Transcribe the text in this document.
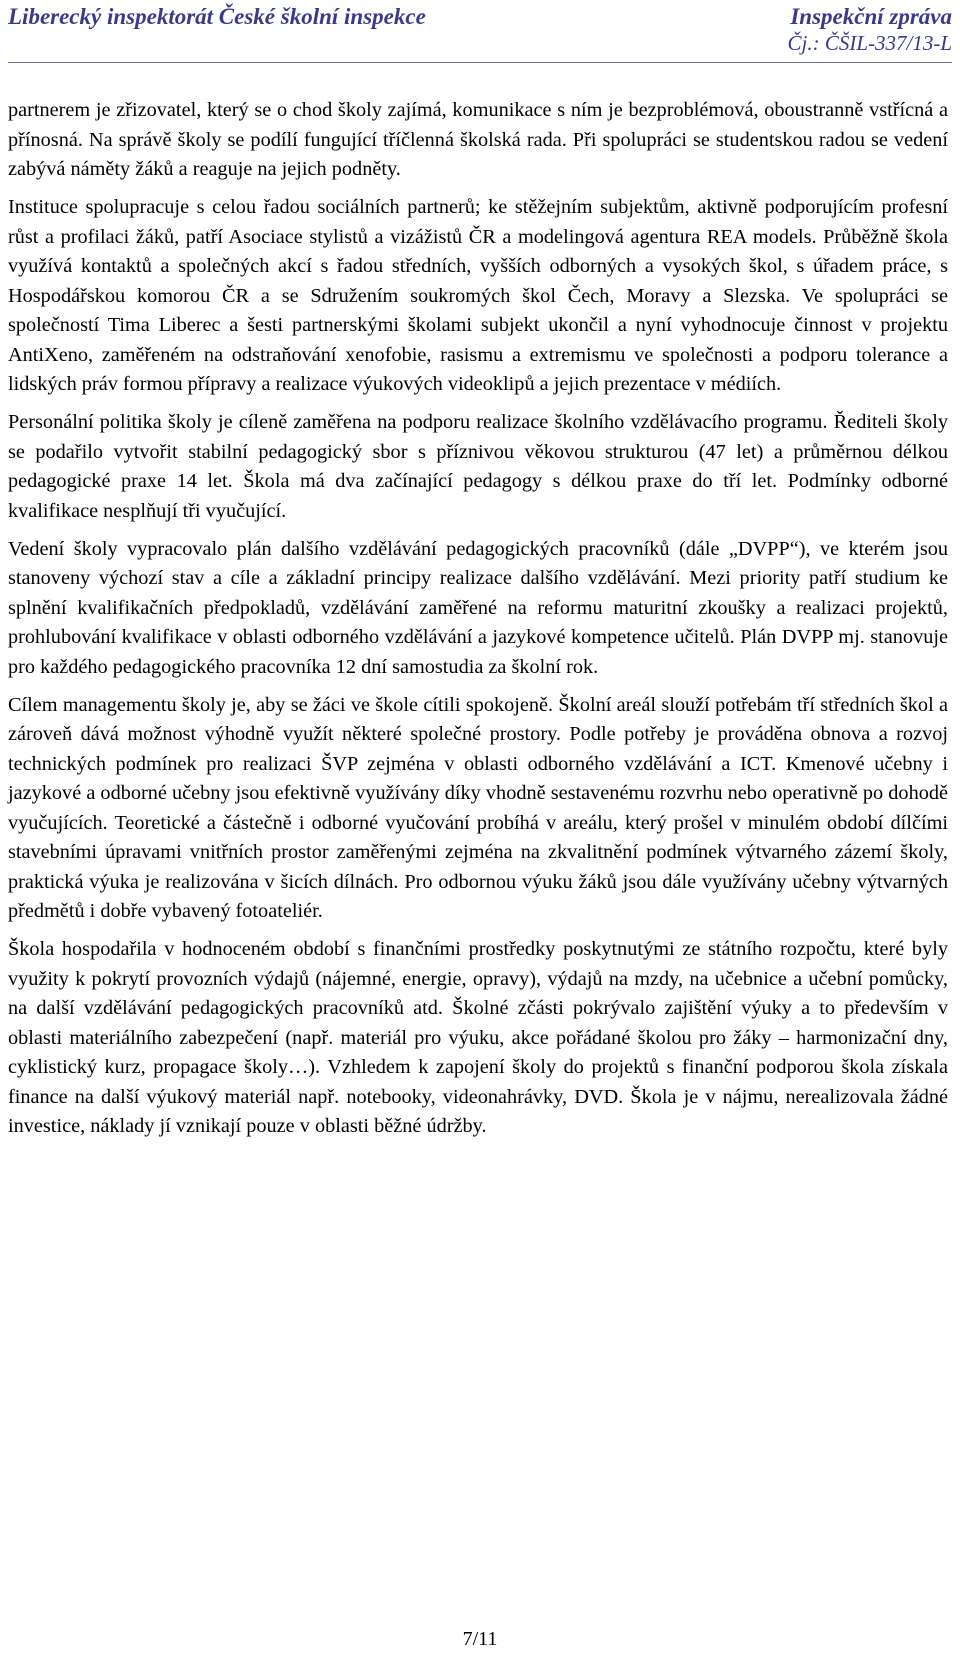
Liberecký inspektorát České školní inspekce	Inspekční zpráva
Čj.: ČŠIL-337/13-L

partnerem je zřizovatel, který se o chod školy zajímá, komunikace s ním je bezproblémová, oboustranně vstřícná a přínosná. Na správě školy se podílí fungující tříčlenná školská rada. Při spolupráci se studentskou radou se vedení zabývá náměty žáků a reaguje na jejich podněty.

Instituce spolupracuje s celou řadou sociálních partnerů; ke stěžejním subjektům, aktivně podporujícím profesní růst a profilaci žáků, patří Asociace stylistů a vizážistů ČR a modelingová agentura REA models. Průběžně škola využívá kontaktů a společných akcí s řadou středních, vyšších odborných a vysokých škol, s úřadem práce, s Hospodářskou komorou ČR a se Sdružením soukromých škol Čech, Moravy a Slezska. Ve spolupráci se společností Tima Liberec a šesti partnerskými školami subjekt ukončil a nyní vyhodnocuje činnost v projektu AntiXeno, zaměřeném na odstraňování xenofobie, rasismu a extremismu ve společnosti a podporu tolerance a lidských práv formou přípravy a realizace výukových videoklipů a jejich prezentace v médiích.

Personální politika školy je cíleně zaměřena na podporu realizace školního vzdělávacího programu. Řediteli školy se podařilo vytvořit stabilní pedagogický sbor s příznivou věkovou strukturou (47 let) a průměrnou délkou pedagogické praxe 14 let. Škola má dva začínající pedagogy s délkou praxe do tří let. Podmínky odborné kvalifikace nesplňují tři vyučující.

Vedení školy vypracovalo plán dalšího vzdělávání pedagogických pracovníků (dále „DVPP“), ve kterém jsou stanoveny výchozí stav a cíle a základní principy realizace dalšího vzdělávání. Mezi priority patří studium ke splnění kvalifikačních předpokladů, vzdělávání zaměřené na reformu maturitní zkoušky a realizaci projektů, prohlubování kvalifikace v oblasti odborného vzdělávání a jazykové kompetence učitelů. Plán DVPP mj. stanovuje pro každého pedagogického pracovníka 12 dní samostudia za školní rok.

Cílem managementu školy je, aby se žáci ve škole cítili spokojeně. Školní areál slouží potřebám tří středních škol a zároveň dává možnost výhodně využít některé společné prostory. Podle potřeby je prováděna obnova a rozvoj technických podmínek pro realizaci ŠVP zejména v oblasti odborného vzdělávání a ICT. Kmenové učebny i jazykové a odborné učebny jsou efektivně využívány díky vhodně sestavenému rozvrhu nebo operativně po dohodě vyučujících. Teoretické a částečně i odborné vyučování probíhá v areálu, který prošel v minulém období dílčími stavebními úpravami vnitřních prostor zaměřenými zejména na zkvalitnění podmínek výtvarného zázemí školy, praktická výuka je realizována v šicích dílnách. Pro odbornou výuku žáků jsou dále využívány učebny výtvarných předmětů i dobře vybavený fotoateliér.

Škola hospodařila v hodnoceném období s finančními prostředky poskytnutými ze státního rozpočtu, které byly využity k pokrytí provozních výdajů (nájemné, energie, opravy), výdajů na mzdy, na učebnice a učební pomůcky, na další vzdělávání pedagogických pracovníků atd. Školné zčásti pokrývalo zajištění výuky a to především v oblasti materiálního zabezpečení (např. materiál pro výuku, akce pořádané školou pro žáky – harmonizační dny, cyklistický kurz, propagace školy…). Vzhledem k zapojení školy do projektů s finanční podporou škola získala finance na další výukový materiál např. notebooky, videonahrávky, DVD. Škola je v nájmu, nerealizovala žádné investice, náklady jí vznikají pouze v oblasti běžné údržby.

7/11
